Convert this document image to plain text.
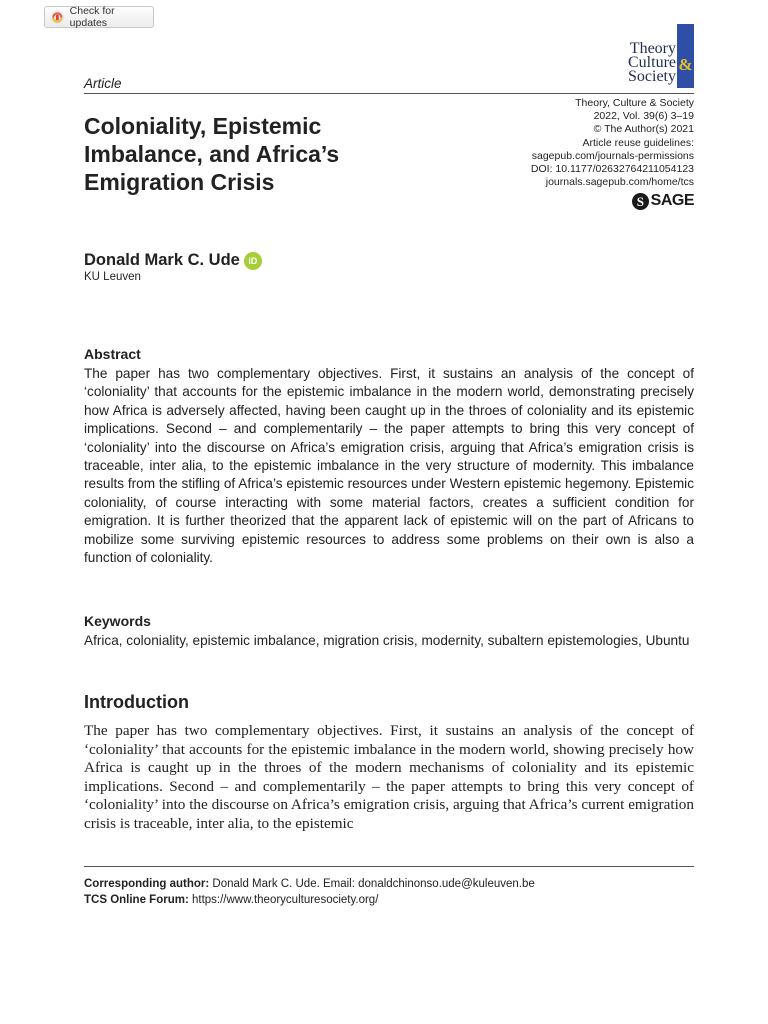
Check for updates
&
Theory
Culture
Society
Article
Coloniality, Epistemic Imbalance, and Africa’s Emigration Crisis
Theory, Culture & Society
2022, Vol. 39(6) 3–19
© The Author(s) 2021
Article reuse guidelines:
sagepub.com/journals-permissions
DOI: 10.1177/02632764211054123
journals.sagepub.com/home/tcs
S SAGE
Donald Mark C. Ude iD
KU Leuven
Abstract

The paper has two complementary objectives. First, it sustains an analysis of the concept of ‘coloniality’ that accounts for the epistemic imbalance in the modern world, demonstrating precisely how Africa is adversely affected, having been caught up in the throes of coloniality and its epistemic implications. Second – and complementarily – the paper attempts to bring this very concept of ‘coloniality’ into the discourse on Africa’s emigration crisis, arguing that Africa’s emigration crisis is traceable, inter alia, to the epistemic imbalance in the very structure of modernity. This imbalance results from the stifling of Africa’s epistemic resources under Western epistemic hegemony. Epistemic coloniality, of course interacting with some material factors, creates a sufficient condition for emigration. It is further theorized that the apparent lack of epistemic will on the part of Africans to mobilize some surviving epistemic resources to address some problems on their own is also a function of coloniality.

Keywords

Africa, coloniality, epistemic imbalance, migration crisis, modernity, subaltern epistemologies, Ubuntu

Introduction

The paper has two complementary objectives. First, it sustains an analysis of the concept of ‘coloniality’ that accounts for the epistemic imbalance in the modern world, showing precisely how Africa is caught up in the throes of the modern mechanisms of coloniality and its epistemic implications. Second – and complementarily – the paper attempts to bring this very concept of ‘coloniality’ into the discourse on Africa’s emigration crisis, arguing that Africa’s current emigration crisis is traceable, inter alia, to the epistemic

Corresponding author: Donald Mark C. Ude. Email: donaldchinonso.ude@kuleuven.be
TCS Online Forum: https://www.theoryculturesociety.org/
